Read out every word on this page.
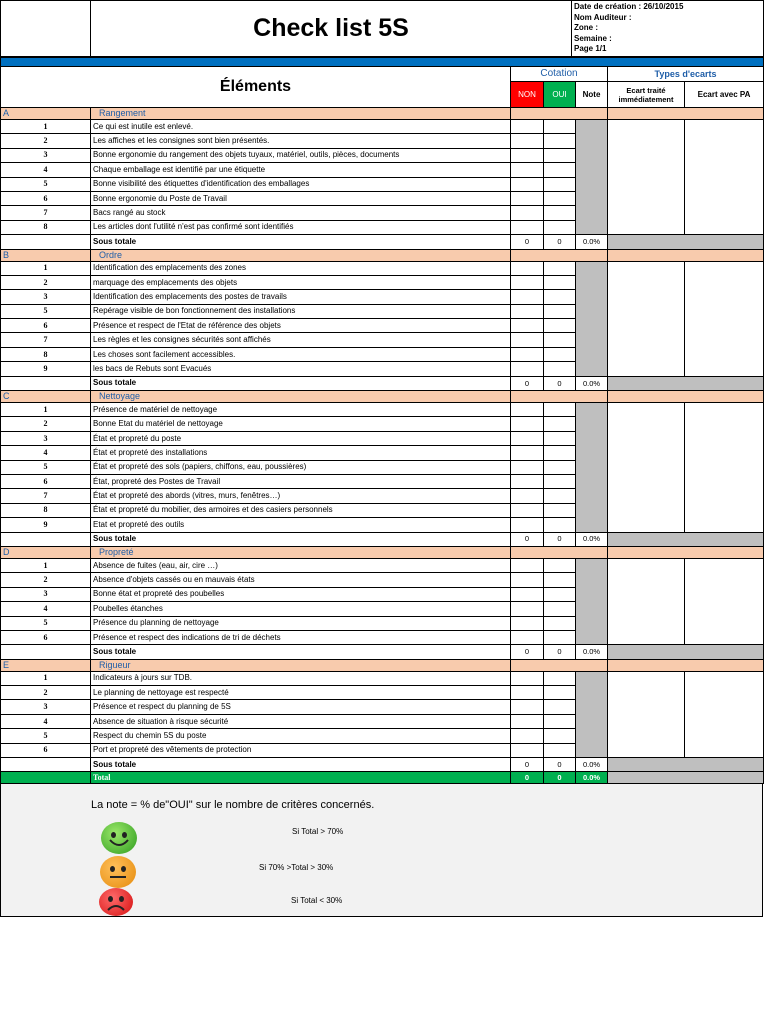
	Check list 5S	
Date de création : 26/10/2015
Nom Auditeur :
Zone :
Semaine :
Page 1/1

Éléments		Cotation			Types d'ecarts	
		NON	OUI	Note	Ecart traité immédiatement	Ecart avec PA
A	Rangement					
1	Ce qui est inutile est enlevé.					
2	Les affiches et les consignes sont bien présentés.					
3	Bonne ergonomie du rangement des objets tuyaux, matériel, outils, pièces, documents					
4	Chaque emballage est identifié par une étiquette					
5	Bonne visibilité des étiquettes d'identification des emballages					
6	Bonne ergonomie du Poste de Travail					
7	Bacs rangé au stock					
8	Les articles dont l'utilité n'est pas confirmé sont identifiés					
	Sous totale	0	0	0.0%		
B	Ordre					
1	Identification des emplacements des zones					
2	marquage des emplacements des objets					
3	Identification des emplacements des postes de travails					
5	Repérage visible de bon fonctionnement des installations					
6	Présence et respect de l'Etat de référence des objets					
7	Les règles et les consignes sécurités sont affichés					
8	Les choses sont facilement accessibles.					
9	les bacs de Rebuts sont Evacués					
	Sous totale	0	0	0.0%		
C	Nettoyage					
1	Présence de matériel de nettoyage					
2	Bonne Etat du matériel de nettoyage					
3	État et propreté du poste					
4	État et propreté des installations					
5	État et propreté des sols (papiers, chiffons, eau, poussières)					
6	État, propreté des Postes de Travail					
7	État et propreté des abords (vitres, murs, fenêtres…)					
8	État et propreté du mobilier, des armoires et des casiers personnels					
9	Etat et propreté des outils					
	Sous totale	0	0	0.0%		
D	Propreté					
1	Absence de fuites (eau, air, cire …)					
2	Absence d'objets cassés ou en mauvais états					
3	Bonne état et propreté des poubelles					
4	Poubelles étanches					
5	Présence du planning de nettoyage					
6	Présence et respect des indications de tri de déchets					
	Sous totale	0	0	0.0%		
E	Rigueur					
1	Indicateurs à jours sur TDB.					
2	Le planning de nettoyage est respecté					
3	Présence et respect du planning de 5S					
4	Absence de situation à risque sécurité					
5	Respect du chemin 5S du poste					
6	Port et propreté des vêtements de protection					
	Sous totale	0	0	0.0%		
	Total	0	0	0.0%		
La note = % de"OUI" sur le nombre de critères concernés.
Si Total > 70%
Si 70% >Total > 30%
Si Total < 30%
